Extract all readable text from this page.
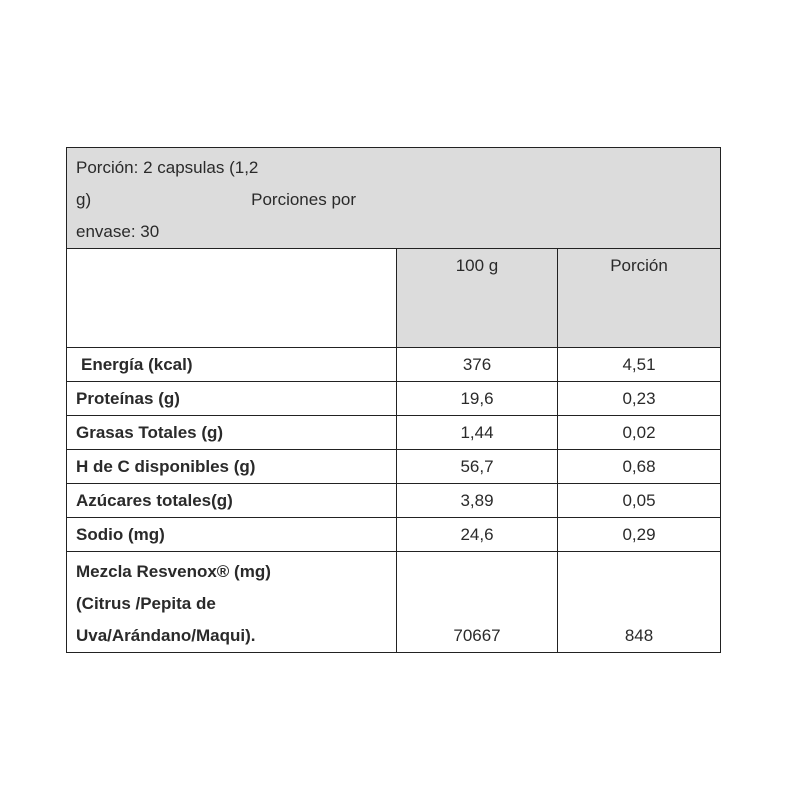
Porción: 2 capsulas (1,2
g) Porciones por
envase: 30		

	100 g	Porción
Energía (kcal)	376	4,51
Proteínas (g)	19,6	0,23
Grasas Totales (g)	1,44	0,02
H de C disponibles (g)	56,7	0,68
Azúcares totales(g)	3,89	0,05
Sodio (mg)	24,6	0,29
Mezcla Resvenox® (mg)
(Citrus /Pepita de
Uva/Arándano/Maqui).	70667	848
